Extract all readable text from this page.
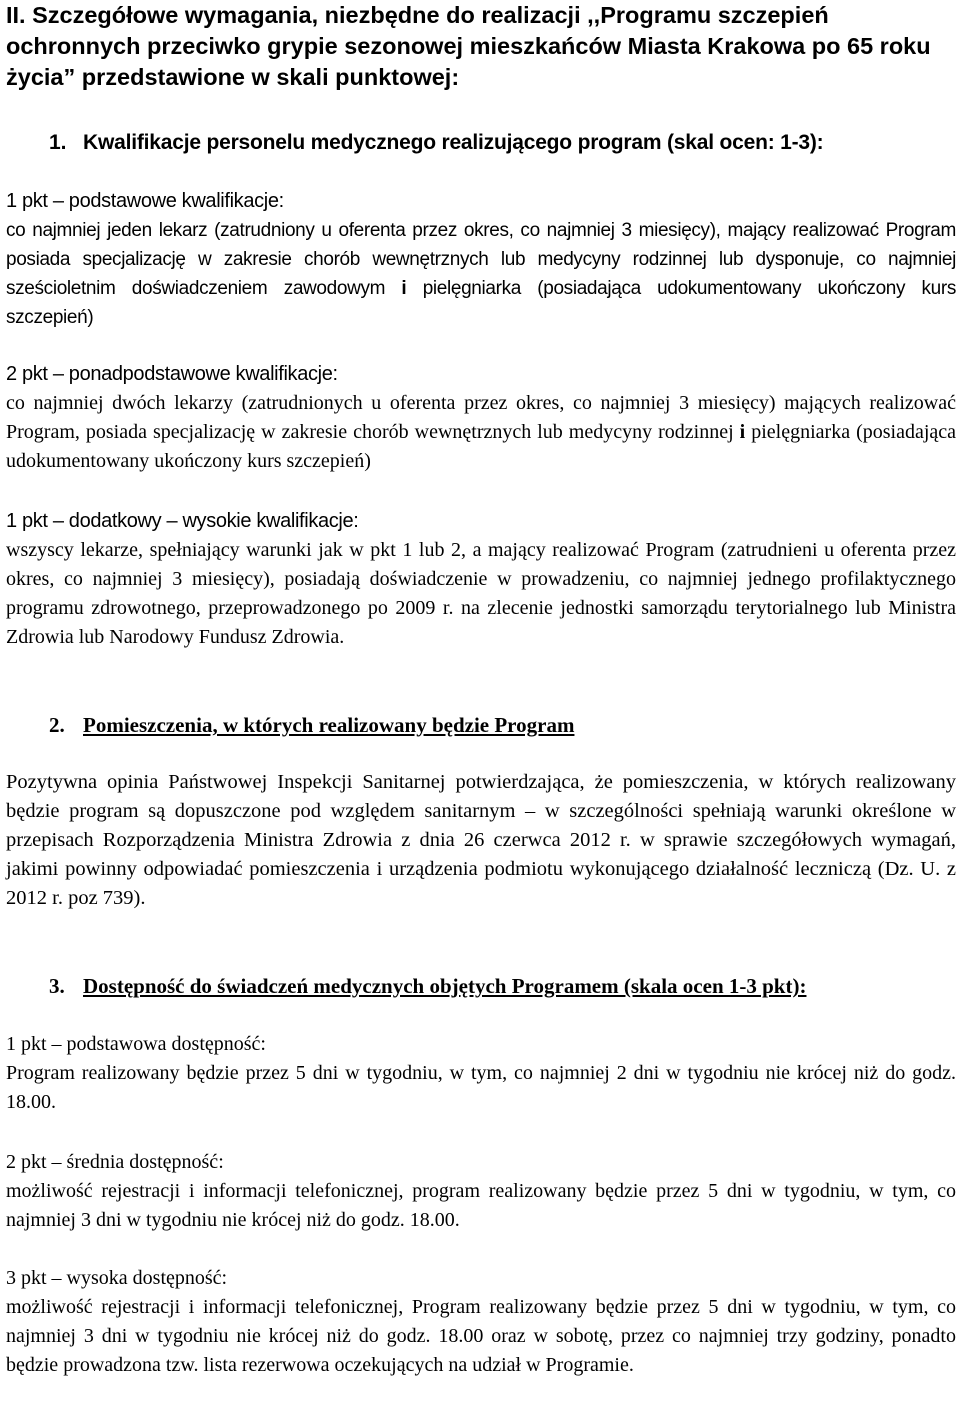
II. Szczegółowe wymagania, niezbędne do realizacji ,,Programu szczepień ochronnych przeciwko grypie sezonowej mieszkańców Miasta Krakowa po 65 roku życia” przedstawione w skali punktowej:
1. Kwalifikacje personelu medycznego realizującego program (skal ocen: 1-3):
1 pkt – podstawowe kwalifikacje:

co najmniej jeden lekarz (zatrudniony u oferenta przez okres, co najmniej 3 miesięcy), mający realizować Program posiada specjalizację w zakresie chorób wewnętrznych lub medycyny rodzinnej lub dysponuje, co najmniej sześcioletnim doświadczeniem zawodowym i pielęgniarka (posiadająca udokumentowany ukończony kurs szczepień)

2 pkt – ponadpodstawowe kwalifikacje:

co najmniej dwóch lekarzy (zatrudnionych u oferenta przez okres, co najmniej 3 miesięcy) mających realizować Program, posiada specjalizację w zakresie chorób wewnętrznych lub medycyny rodzinnej i pielęgniarka (posiadająca udokumentowany ukończony kurs szczepień)

1 pkt – dodatkowy – wysokie kwalifikacje:

wszyscy lekarze, spełniający warunki jak w pkt 1 lub 2, a mający realizować Program (zatrudnieni u oferenta przez okres, co najmniej 3 miesięcy), posiadają doświadczenie w prowadzeniu, co najmniej jednego profilaktycznego programu zdrowotnego, przeprowadzonego po 2009 r. na zlecenie jednostki samorządu terytorialnego lub Ministra Zdrowia lub Narodowy Fundusz Zdrowia.

2. Pomieszczenia, w których realizowany będzie Program

Pozytywna opinia Państwowej Inspekcji Sanitarnej potwierdzająca, że pomieszczenia, w których realizowany będzie program są dopuszczone pod względem sanitarnym – w szczególności spełniają warunki określone w przepisach Rozporządzenia Ministra Zdrowia z dnia 26 czerwca 2012 r. w sprawie szczegółowych wymagań, jakimi powinny odpowiadać pomieszczenia i urządzenia podmiotu wykonującego działalność leczniczą (Dz. U. z 2012 r. poz 739).

3. Dostępność do świadczeń medycznych objętych Programem (skala ocen 1-3 pkt):
1 pkt – podstawowa dostępność:

Program realizowany będzie przez 5 dni w tygodniu, w tym, co najmniej 2 dni w tygodniu nie krócej niż do godz. 18.00.

2 pkt – średnia dostępność:

możliwość rejestracji i informacji telefonicznej, program realizowany będzie przez 5 dni w tygodniu, w tym, co najmniej 3 dni w tygodniu nie krócej niż do godz. 18.00.

3 pkt – wysoka dostępność:

możliwość rejestracji i informacji telefonicznej, Program realizowany będzie przez 5 dni w tygodniu, w tym, co najmniej 3 dni w tygodniu nie krócej niż do godz. 18.00 oraz w sobotę, przez co najmniej trzy godziny, ponadto będzie prowadzona tzw. lista rezerwowa oczekujących na udział w Programie.
